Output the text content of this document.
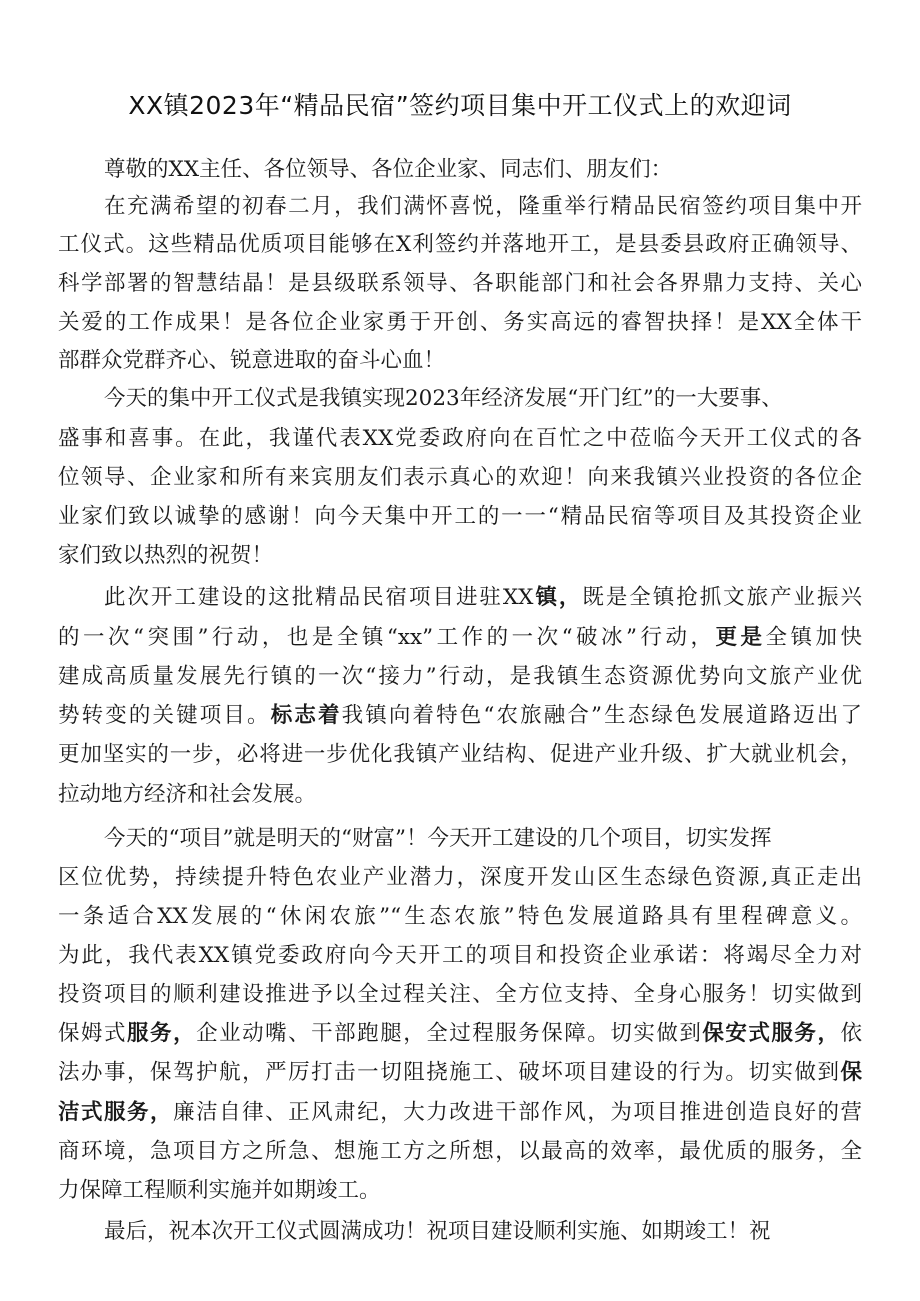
XX镇2023年“精品民宿”签约项目集中开工仪式上的欢迎词
尊敬的XX主任、各位领导、各位企业家、同志们、朋友们：
在充满希望的初春二月，我们满怀喜悦，隆重举行精品民宿签约项目集中开
工仪式。这些精品优质项目能够在X利签约并落地开工，是县委县政府正确领导、
科学部署的智慧结晶！是县级联系领导、各职能部门和社会各界鼎力支持、关心
关爱的工作成果！是各位企业家勇于开创、务实高远的睿智抉择！是XX全体干
部群众党群齐心、锐意进取的奋斗心血！
今天的集中开工仪式是我镇实现2023年经济发展“开门红”的一大要事、
盛事和喜事。在此，我谨代表XX党委政府向在百忙之中莅临今天开工仪式的各
位领导、企业家和所有来宾朋友们表示真心的欢迎！向来我镇兴业投资的各位企
业家们致以诚挚的感谢！向今天集中开工的一一“精品民宿等项目及其投资企业
家们致以热烈的祝贺！
此次开工建设的这批精品民宿项目进驻XX镇，既是全镇抢抓文旅产业振兴
的一次“突围”行动，也是全镇“xx”工作的一次“破冰”行动，更是全镇加快
建成高质量发展先行镇的一次“接力”行动，是我镇生态资源优势向文旅产业优
势转变的关键项目。标志着我镇向着特色“农旅融合”生态绿色发展道路迈出了
更加坚实的一步，必将进一步优化我镇产业结构、促进产业升级、扩大就业机会，
拉动地方经济和社会发展。
今天的“项目”就是明天的“财富”！今天开工建设的几个项目，切实发挥
区位优势，持续提升特色农业产业潜力，深度开发山区生态绿色资源,真正走出
一条适合XX发展的“休闲农旅”“生态农旅”特色发展道路具有里程碑意义。
为此，我代表XX镇党委政府向今天开工的项目和投资企业承诺：将竭尽全力对
投资项目的顺利建设推进予以全过程关注、全方位支持、全身心服务！切实做到
保姆式服务，企业动嘴、干部跑腿，全过程服务保障。切实做到保安式服务，依
法办事，保驾护航，严厉打击一切阻挠施工、破坏项目建设的行为。切实做到保
洁式服务，廉洁自律、正风肃纪，大力改进干部作风，为项目推进创造良好的营
商环境，急项目方之所急、想施工方之所想，以最高的效率，最优质的服务，全
力保障工程顺利实施并如期竣工。
最后，祝本次开工仪式圆满成功！祝项目建设顺利实施、如期竣工！祝
